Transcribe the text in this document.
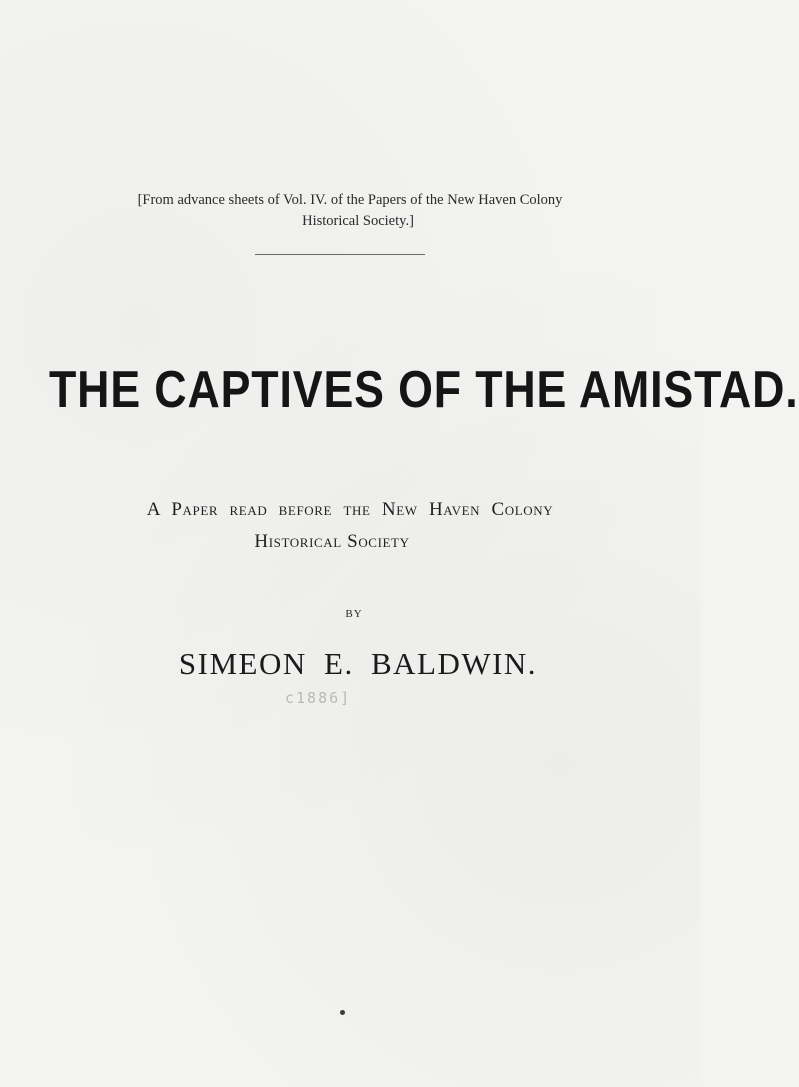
[From advance sheets of Vol. IV. of the Papers of the New Haven Colony
Historical Society.]
THE CAPTIVES OF THE AMISTAD.
A Paper read before the New Haven Colony
Historical Society
BY
SIMEON E. BALDWIN.
c1886]
